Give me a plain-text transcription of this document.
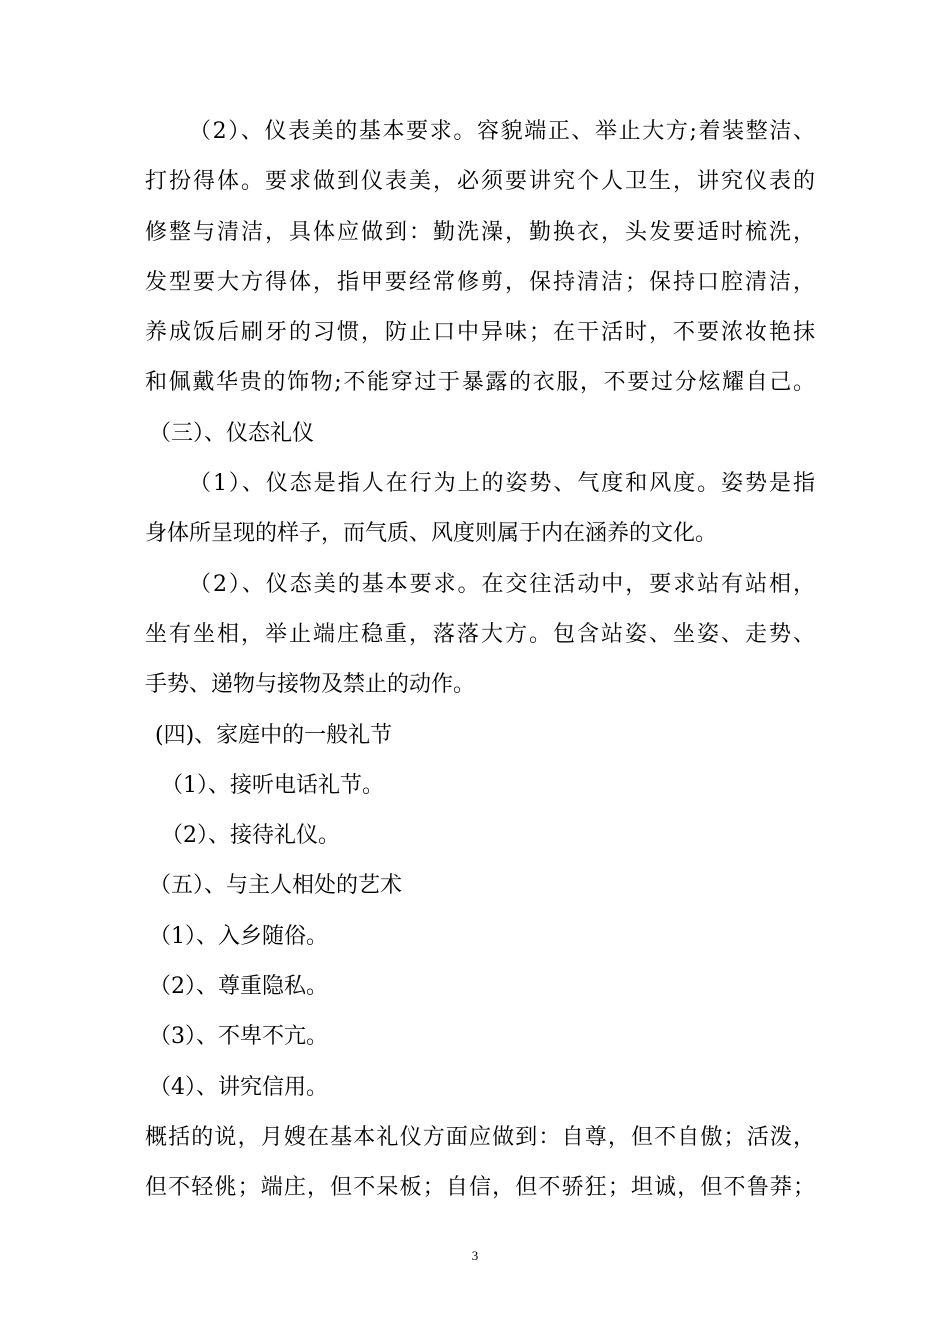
（2）、仪表美的基本要求。容貌端正、举止大方;着装整洁、
打扮得体。要求做到仪表美，必须要讲究个人卫生，讲究仪表的
修整与清洁，具体应做到：勤洗澡，勤换衣，头发要适时梳洗，
发型要大方得体，指甲要经常修剪，保持清洁；保持口腔清洁，
养成饭后刷牙的习惯，防止口中异味；在干活时，不要浓妆艳抹
和佩戴华贵的饰物;不能穿过于暴露的衣服，不要过分炫耀自己。
（三）、仪态礼仪
（1）、仪态是指人在行为上的姿势、气度和风度。姿势是指
身体所呈现的样子，而气质、风度则属于内在涵养的文化。
（2）、仪态美的基本要求。在交往活动中，要求站有站相，
坐有坐相，举止端庄稳重，落落大方。包含站姿、坐姿、走势、
手势、递物与接物及禁止的动作。
(四)、家庭中的一般礼节
（1）、接听电话礼节。
（2）、接待礼仪。
（五）、与主人相处的艺术
（1）、入乡随俗。
（2）、尊重隐私。
（3）、不卑不亢。
（4）、讲究信用。
概括的说，月嫂在基本礼仪方面应做到：自尊，但不自傲；活泼，
但不轻佻；端庄，但不呆板；自信，但不骄狂；坦诚，但不鲁莽；
3
